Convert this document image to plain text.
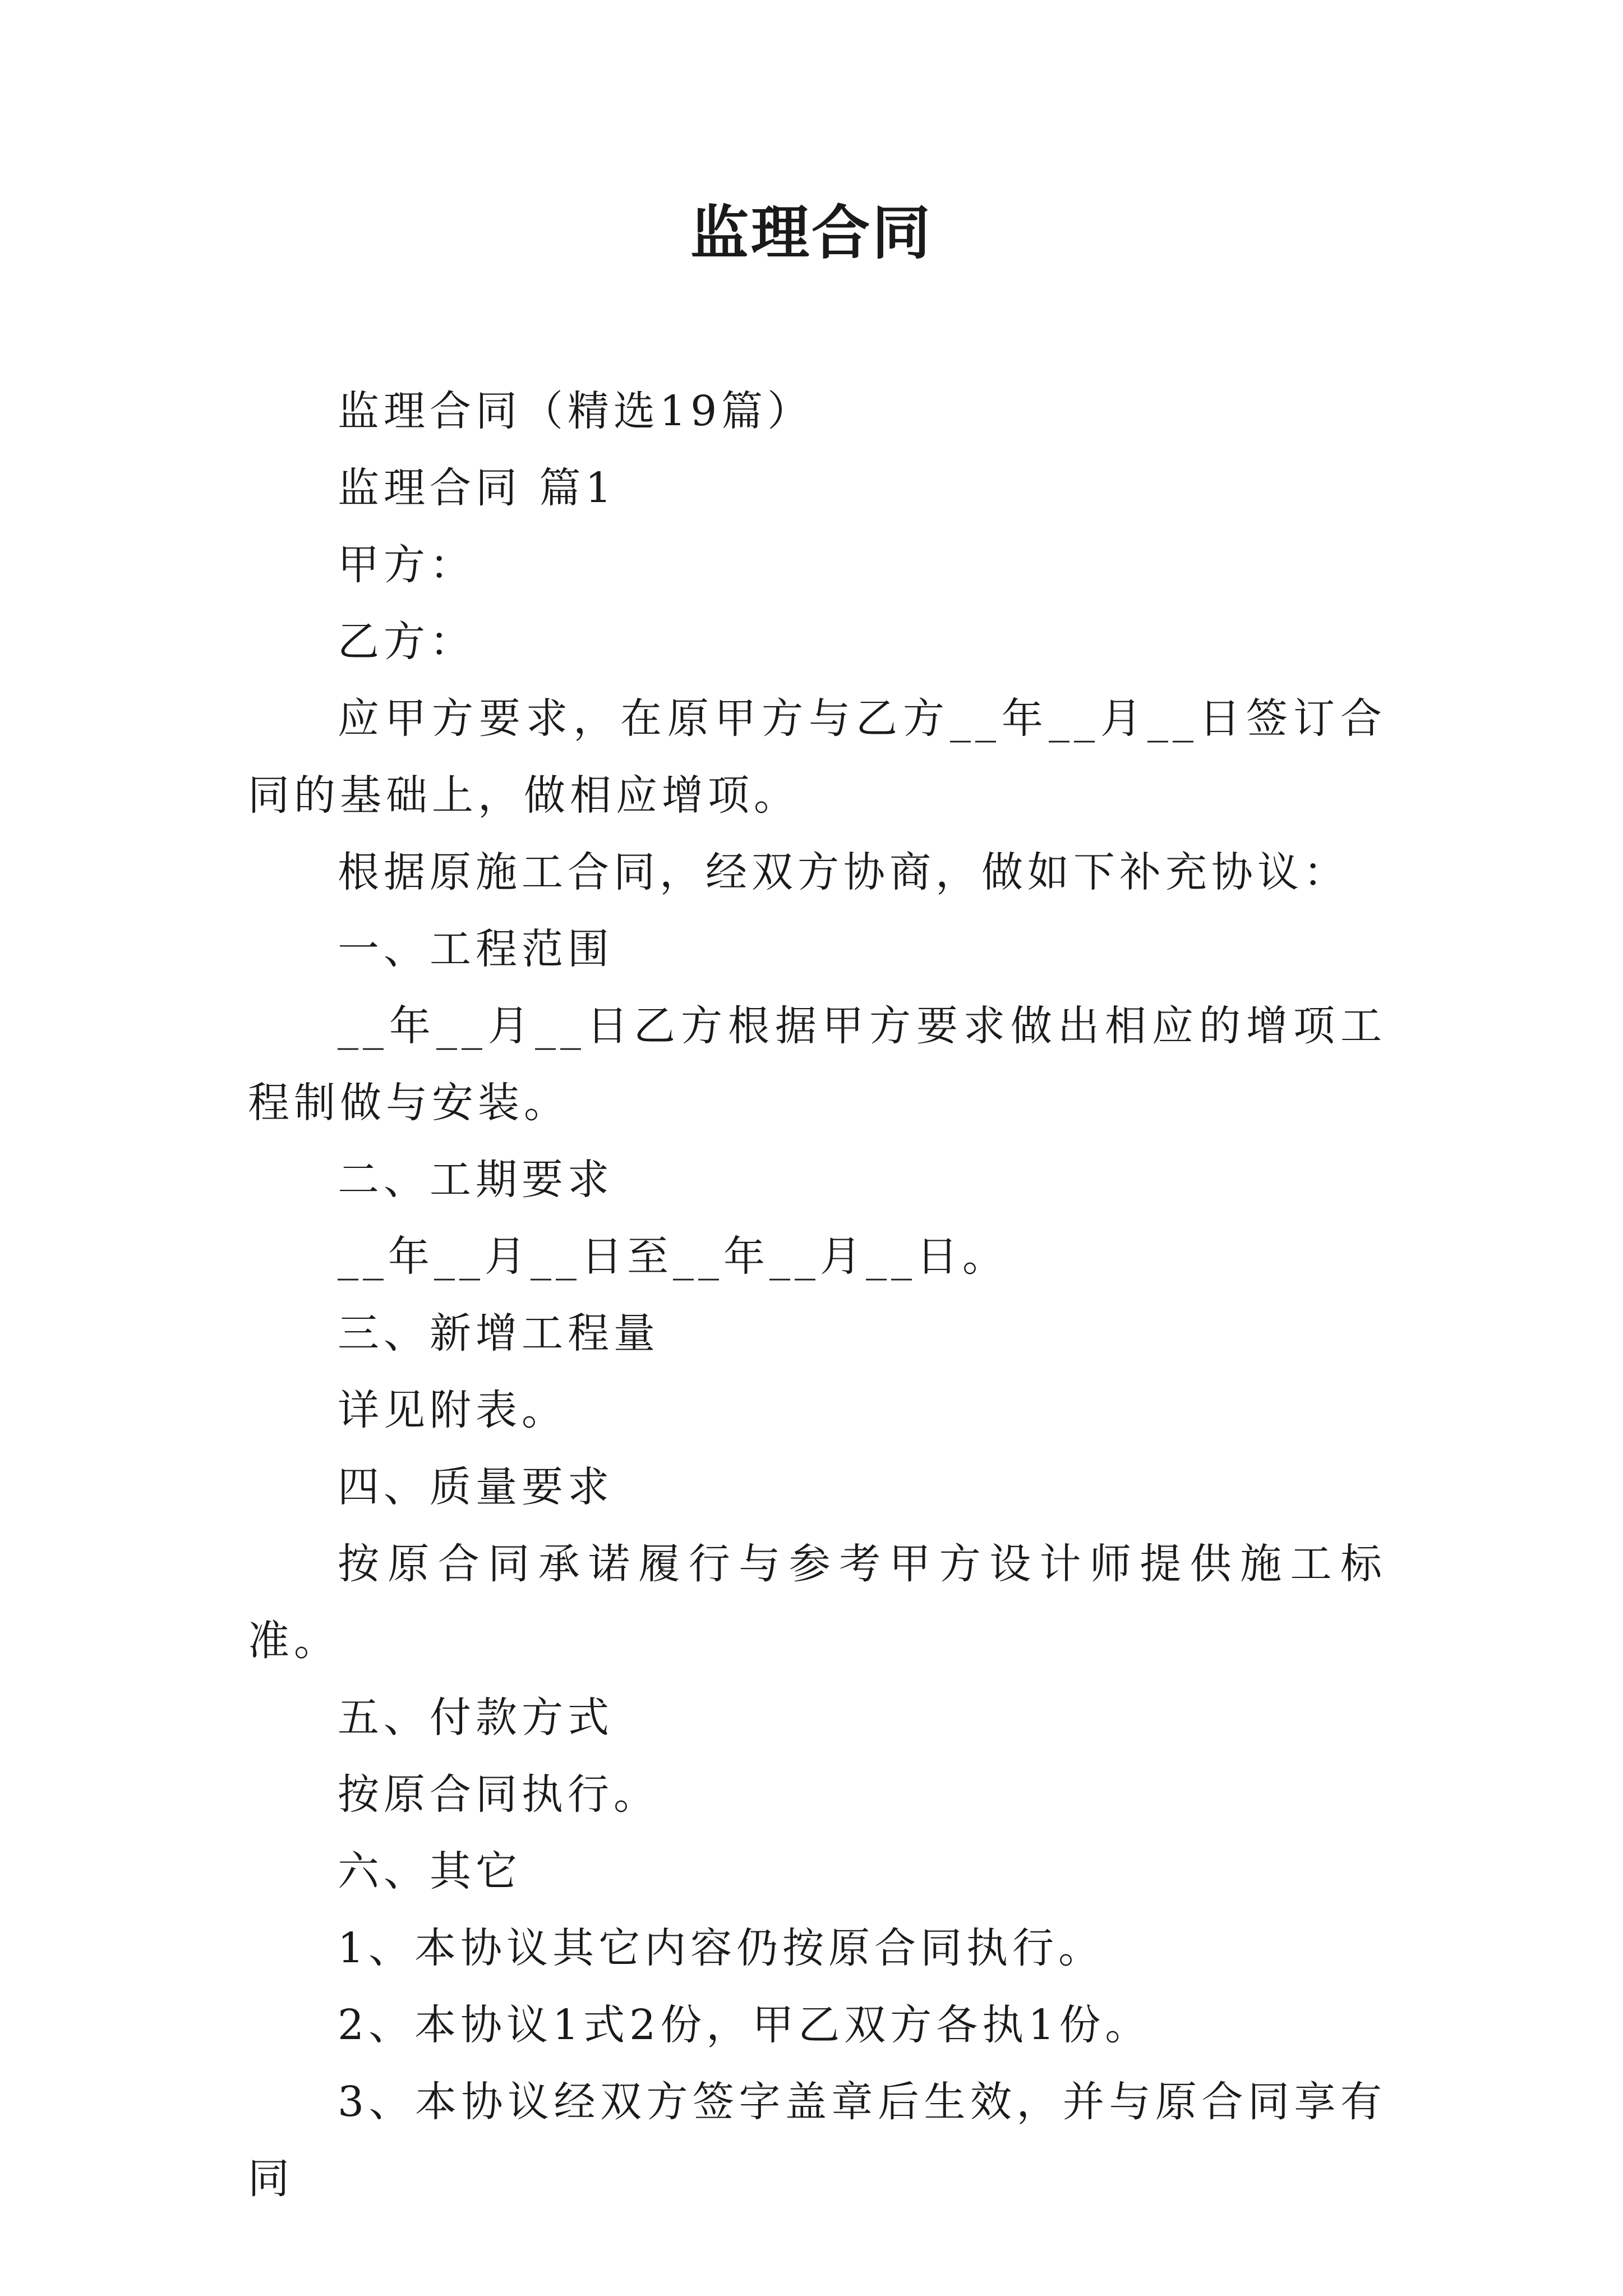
监理合同

监理合同（精选19篇）

监理合同 篇1

甲方：

乙方：

应甲方要求，在原甲方与乙方__年__月__日签订合同的基础上，做相应增项。

根据原施工合同，经双方协商，做如下补充协议：

一、工程范围

__年__月__日乙方根据甲方要求做出相应的增项工程制做与安装。

二、工期要求

__年__月__日至__年__月__日。

三、新增工程量

详见附表。

四、质量要求

按原合同承诺履行与参考甲方设计师提供施工标准。

五、付款方式

按原合同执行。

六、其它

1、本协议其它内容仍按原合同执行。

2、本协议1式2份，甲乙双方各执1份。

3、本协议经双方签字盖章后生效，并与原合同享有同
